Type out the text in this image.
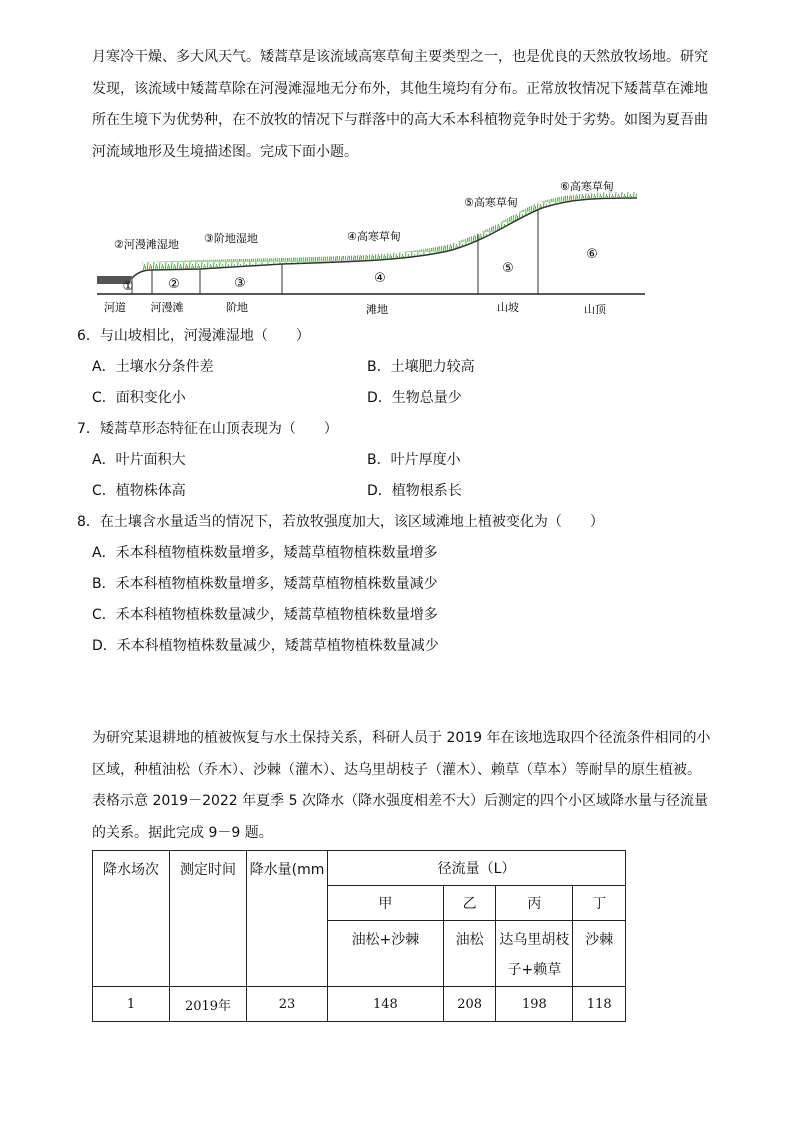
月寒冷干燥、多大风天气。矮蒿草是该流域高寒草甸主要类型之一，也是优良的天然放牧场地。研究发现，该流域中矮蒿草除在河漫滩湿地无分布外，其他生境均有分布。正常放牧情况下矮蒿草在滩地所在生境下为优势种，在不放牧的情况下与群落中的高大禾本科植物竞争时处于劣势。如图为夏吾曲河流域地形及生境描述图。完成下面小题。

①	②	③	④
⑤
⑥
②河漫滩湿地 ③阶地湿地	④高寒草甸
⑤高寒草甸
⑥高寒草甸
河道 河漫滩	阶地	滩地	山坡	山顶
6．与山坡相比，河漫滩湿地（　　）
A．土壤水分条件差	B．土壤肥力较高
C．面积变化小	D．生物总量少
7．矮蒿草形态特征在山顶表现为（　　）
A．叶片面积大	B．叶片厚度小
C．植物株体高	D．植物根系长
8．在土壤含水量适当的情况下，若放牧强度加大，该区域滩地上植被变化为（　　）
A．禾本科植物植株数量增多，矮蒿草植物植株数量增多
B．禾本科植物植株数量增多，矮蒿草植物植株数量减少
C．禾本科植物植株数量减少，矮蒿草植物植株数量增多
D．禾本科植物植株数量减少，矮蒿草植物植株数量减少

为研究某退耕地的植被恢复与水土保持关系，科研人员于 2019 年在该地选取四个径流条件相同的小区域，种植油松（乔木）、沙棘（灌木）、达乌里胡枝子（灌木）、赖草（草本）等耐旱的原生植被。表格示意 2019－2022 年夏季 5 次降水（降水强度相差不大）后测定的四个小区域降水量与径流量的关系。据此完成 9－9 题。

降水场次	测定时间	降水量(mm	径流量（L）			
			甲	乙	丙	丁
			油松+沙棘	油松	达乌里胡枝子+赖草	沙棘
1	2019年	23	148	208	198	118
